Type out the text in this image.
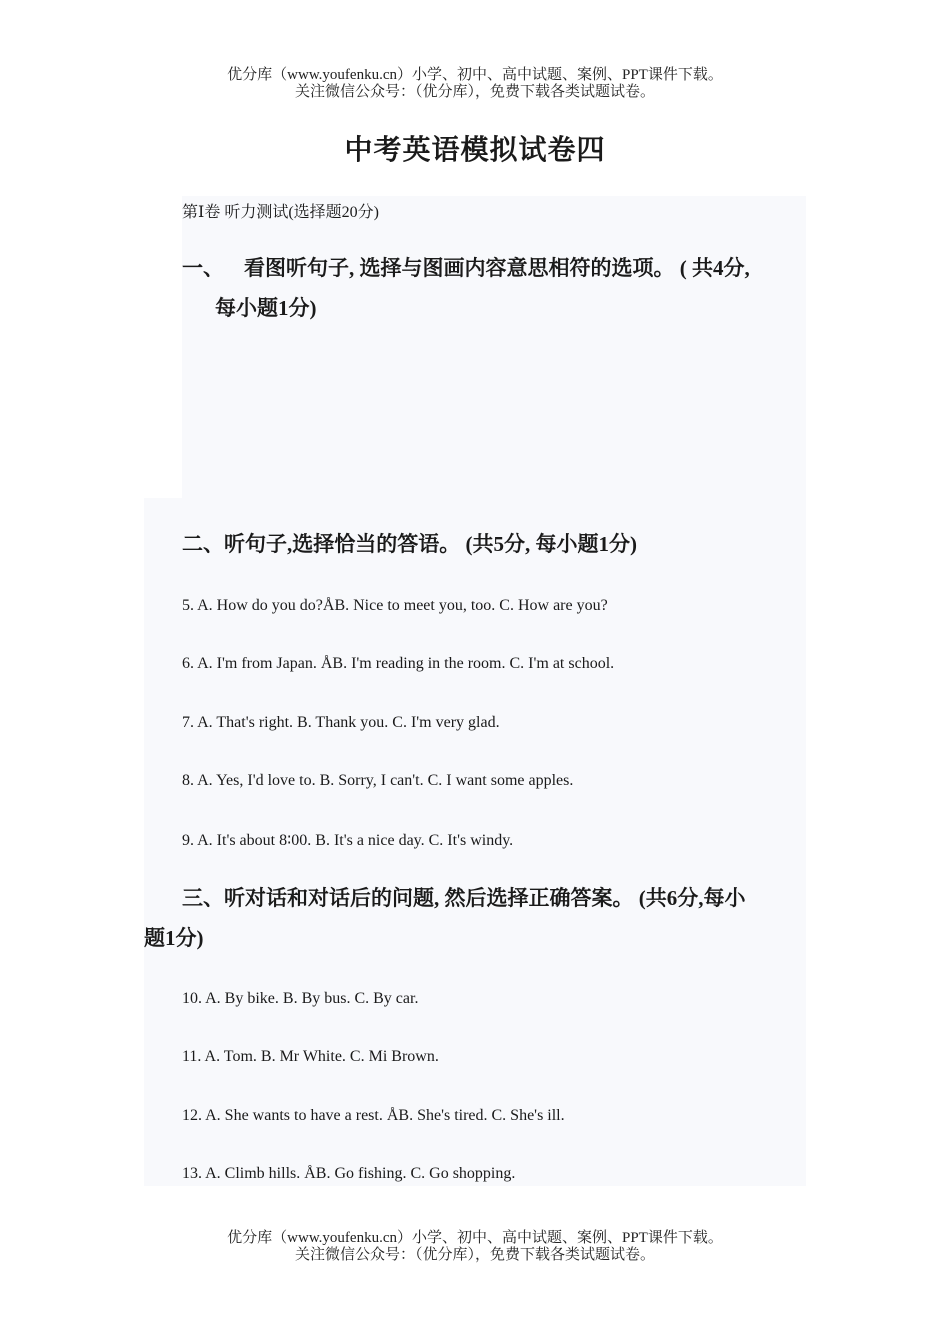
优分库（www.youfenku.cn）小学、初中、高中试题、案例、PPT课件下载。
关注微信公众号：（优分库），免费下载各类试题试卷。
中考英语模拟试卷四
第Ⅰ卷 听力测试(选择题20分)
一、 看图听句子, 选择与图画内容意思相符的选项。 ( 共4分,
每小题1分)
二、听句子,选择恰当的答语。 (共5分, 每小题1分)
5. A. How do you do?ÅB. Nice to meet you, too. C. How are you?
6. A. I'm from Japan. ÅB. I'm reading in the room. C. I'm at school.
7. A. That's right. B. Thank you. C. I'm very glad.
8. A. Yes, I'd love to. B. Sorry, I can't. C. I want some apples.
9. A. It's about 8∶00. B. It's a nice day. C. It's windy.
三、听对话和对话后的问题, 然后选择正确答案。 (共6分,每小
题1分)
10. A. By bike. B. By bus. C. By car.
11. A. Tom. B. Mr White. C. Mi Brown.
12. A. She wants to have a rest. ÅB. She's tired. C. She's ill.
13. A. Climb hills. ÅB. Go fishing. C. Go shopping.
优分库（www.youfenku.cn）小学、初中、高中试题、案例、PPT课件下载。
关注微信公众号：（优分库），免费下载各类试题试卷。
